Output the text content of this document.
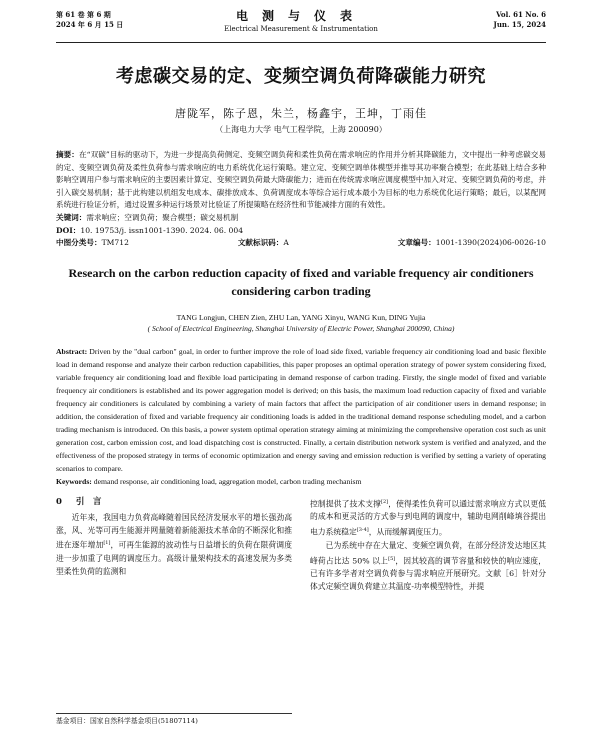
第 61 卷 第 6 期
2024 年 6 月 15 日
电测与仪表
Electrical Measurement & Instrumentation
Vol. 61 No. 6
Jun. 15, 2024
考虑碳交易的定、变频空调负荷降碳能力研究
唐陇军，陈子恩，朱兰，杨鑫宇，王坤，丁雨佳
（上海电力大学 电气工程学院，上海 200090）
摘要：在“双碳”目标的驱动下，为进一步提高负荷侧定、变频空调负荷和柔性负荷在需求响应的作用并分析其降碳能力，文中提出一种考虑碳交易的定、变频空调负荷及柔性负荷参与需求响应的电力系统优化运行策略。建立定、变频空调单体模型并推导其功率聚合模型；在此基础上结合多种影响空调用户参与需求响应的主要因素计算定、变频空调负荷最大降碳能力；进而在传统需求响应调度模型中加入对定、变频空调负荷的考虑，并引入碳交易机制；基于此构建以机组发电成本、碳排放成本、负荷调度成本等综合运行成本最小为目标的电力系统优化运行策略；最后，以某配网系统进行验证分析，通过设置多种运行场景对比验证了所提策略在经济性和节能减排方面的有效性。
关键词：需求响应；空调负荷；聚合模型；碳交易机制
DOI：10. 19753/j. issn1001-1390. 2024. 06. 004
中图分类号：TM712	文献标识码：A	文章编号：1001-1390(2024)06-0026-10
Research on the carbon reduction capacity of fixed and variable frequency air conditioners considering carbon trading
TANG Longjun, CHEN Zien, ZHU Lan, YANG Xinyu, WANG Kun, DING Yujia
( School of Electrical Engineering, Shanghai University of Electric Power, Shanghai 200090, China)
Abstract: Driven by the "dual carbon" goal, in order to further improve the role of load side fixed, variable frequency air conditioning load and basic flexible load in demand response and analyze their carbon reduction capabilities, this paper proposes an optimal operation strategy of power system considering fixed, variable frequency air conditioning load and flexible load participating in demand response of carbon trading. Firstly, the single model of fixed and variable frequency air conditioners is established and its power aggregation model is derived; on this basis, the maximum load reduction capacity of fixed and variable frequency air conditioners is calculated by combining a variety of main factors that affect the participation of air conditioner users in demand response; in addition, the consideration of fixed and variable frequency air conditioning loads is added in the traditional demand response scheduling model, and a carbon trading mechanism is introduced. On this basis, a power system optimal operation strategy aiming at minimizing the comprehensive operation cost such as unit generation cost, carbon emission cost, and load dispatching cost is constructed. Finally, a certain distribution network system is verified and analyzed, and the effectiveness of the proposed strategy in terms of economic optimization and energy saving and emission reduction is verified by setting a variety of operating scenarios to compare.
Keywords: demand response, air conditioning load, aggregation model, carbon trading mechanism
0 引　言

近年来，我国电力负荷高峰随着国民经济发展水平的增长强劲高涨，风、光等可再生能源并网量随着新能源技术革命的不断深化和推进在逐年增加[1]，可再生能源的波动性与日益增长的负荷在限荷调度进一步加重了电网的调度压力。高级计量架构技术的高速发展为多类型柔性负荷的监测和

控制提供了技术支撑[2]，使得柔性负荷可以通过需求响应方式以更低的成本和更灵活的方式参与到电网的调度中，辅助电网削峰填谷提出电力系统稳定[3-4]，从而缓解调度压力。

已为系统中存在大量定、变频空调负荷，在部分经济发达地区其峰荷占比达 50% 以上[5]，因其较高的调节容量和较快的响应速度，已有许多学者对空调负荷参与需求响应开展研究。文献［6］针对分体式定频空调负荷建立其温度-功率模型特性，并提

基金项目：国家自然科学基金项目(51807114)
